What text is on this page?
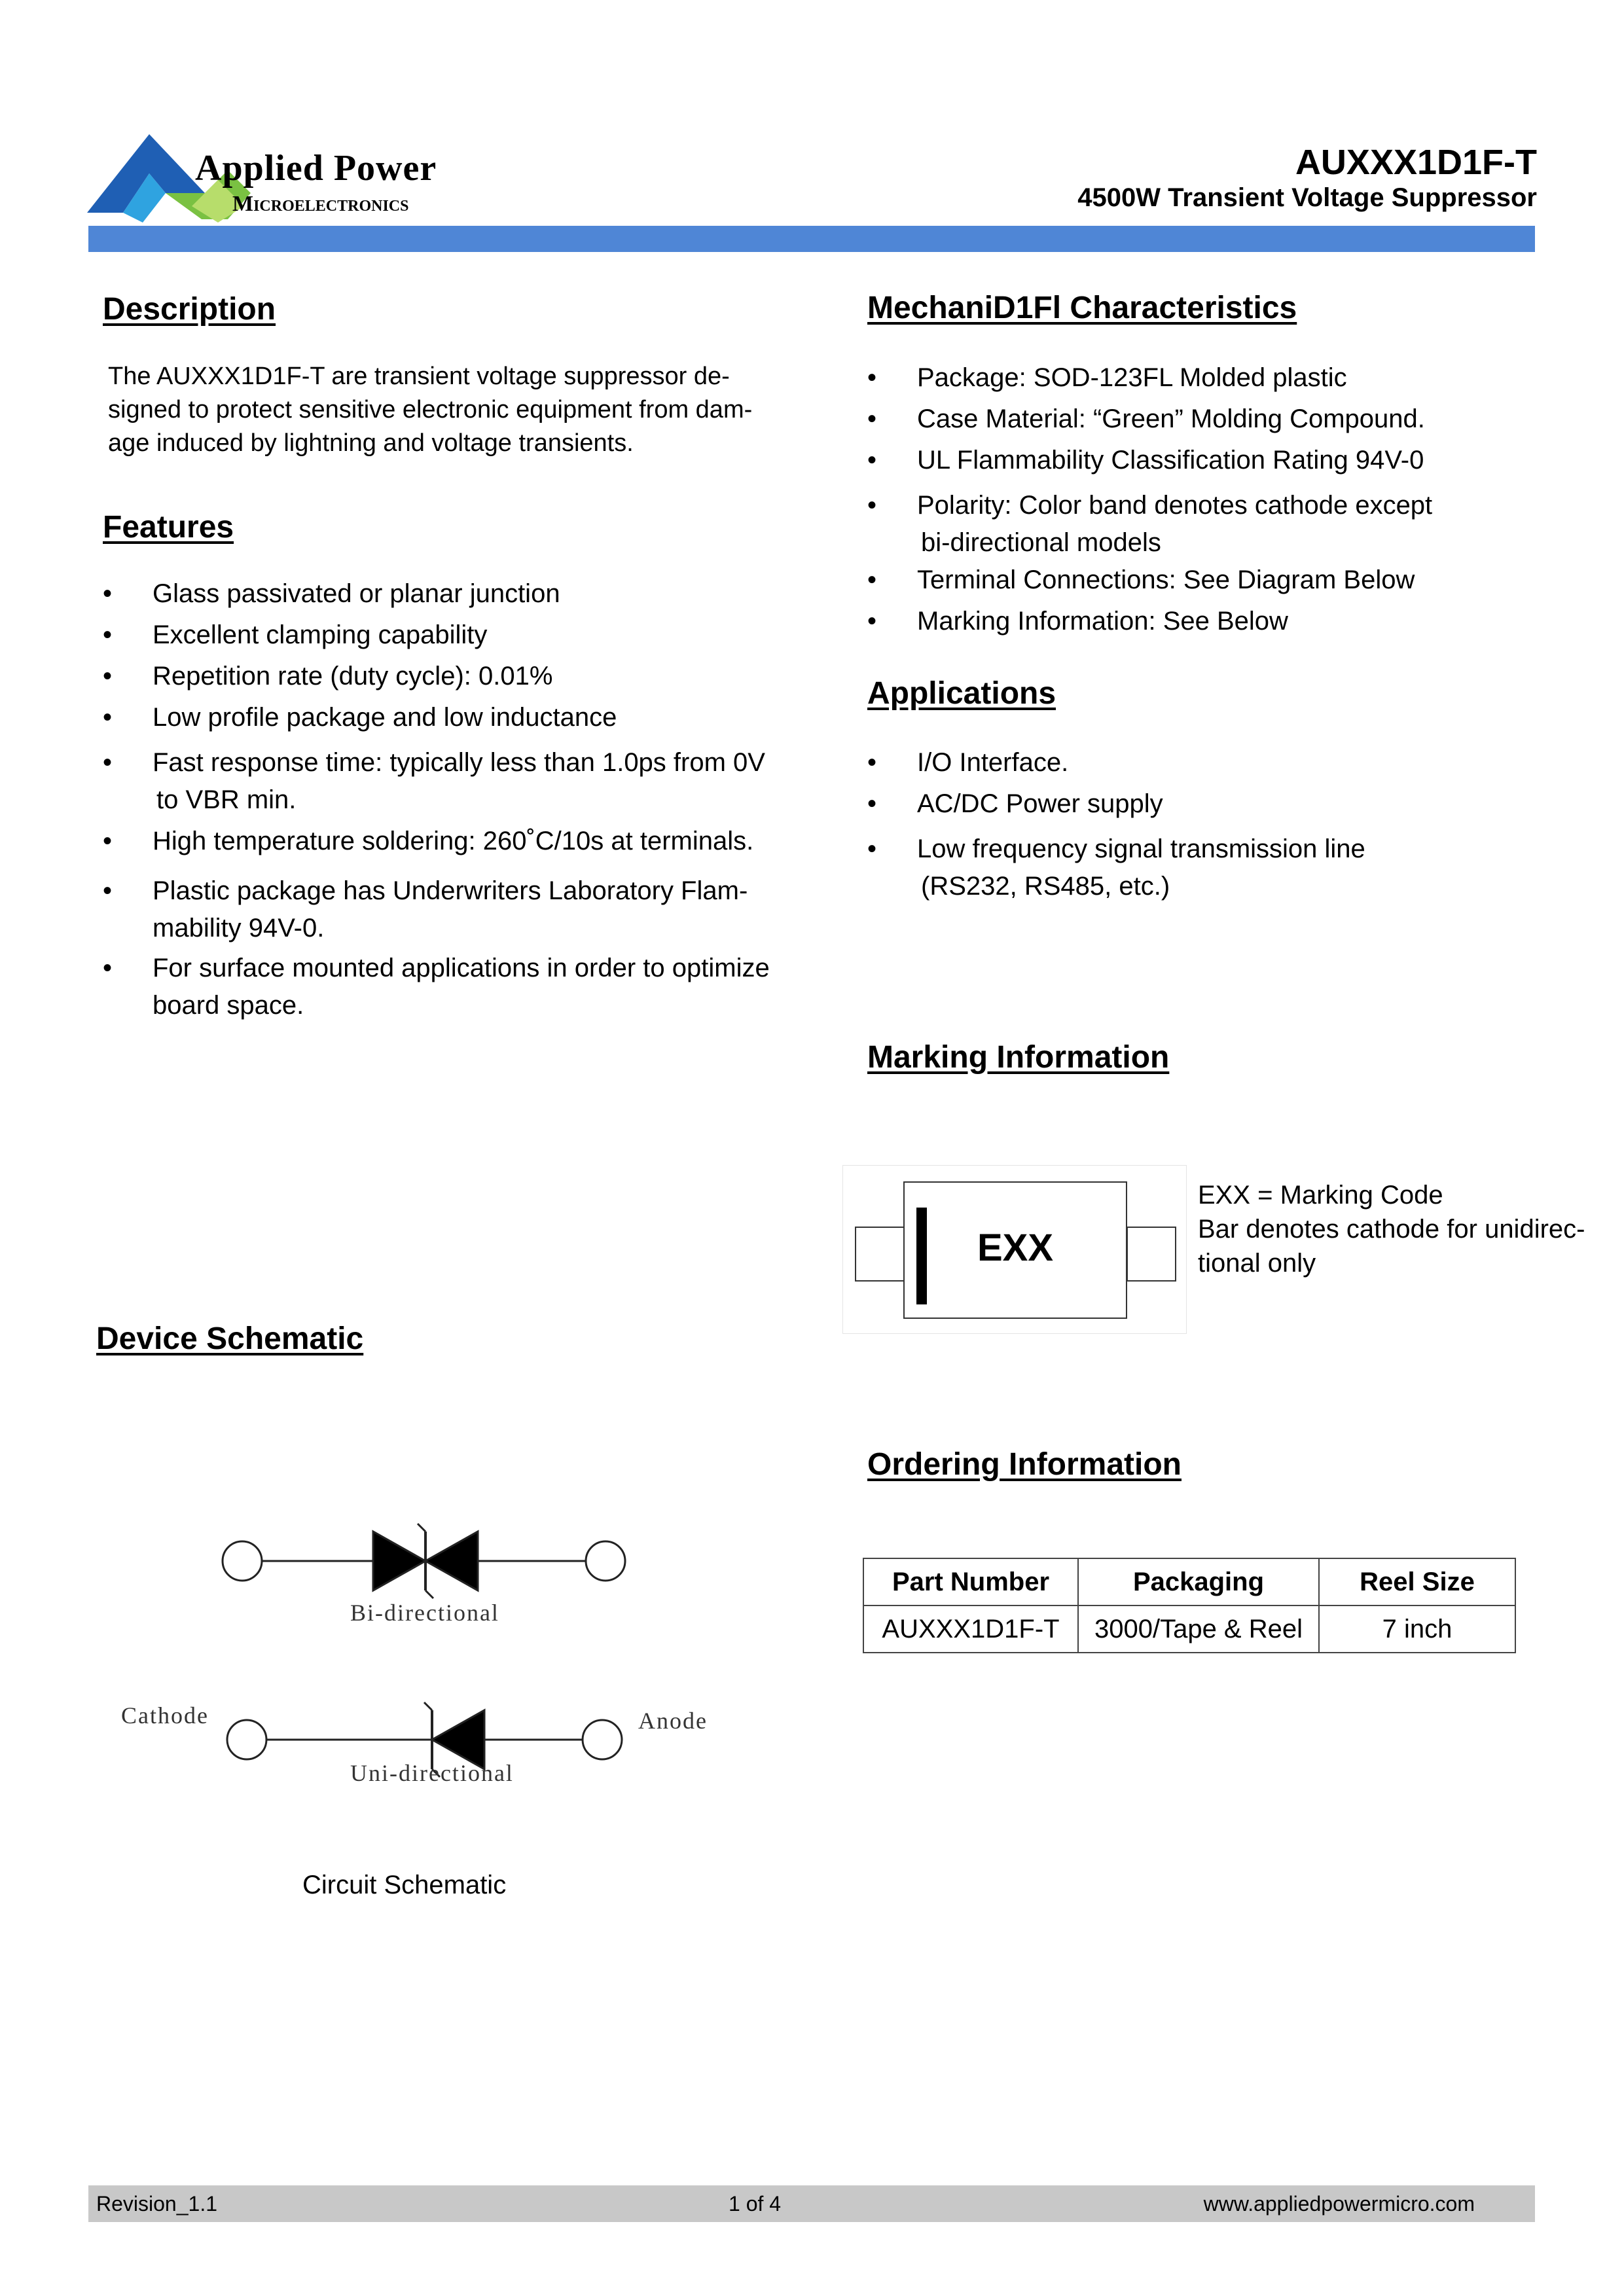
Applied Power
Microelectronics
AUXXX1D1F-T
4500W Transient Voltage Suppressor
Description
The AUXXX1D1F-T are transient voltage suppressor de-
signed to protect sensitive electronic equipment from dam-
age induced by lightning and voltage transients.
Features
• Glass passivated or planar junction
• Excellent clamping capability
• Repetition rate (duty cycle): 0.01%
• Low profile package and low inductance
• Fast response time: typically less than 1.0ps from 0V
to VBR min.
• High temperature soldering: 260˚C/10s at terminals.
• Plastic package has Underwriters Laboratory Flam-
mability 94V-0.
• For surface mounted applications in order to optimize
board space.
MechaniD1Fl Characteristics
• Package: SOD-123FL Molded plastic
• Case Material: “Green” Molding Compound.
• UL Flammability Classification Rating 94V-0
• Polarity: Color band denotes cathode except
bi-directional models
• Terminal Connections: See Diagram Below
• Marking Information: See Below
Applications
• I/O Interface.
• AC/DC Power supply
• Low frequency signal transmission line
(RS232, RS485, etc.)
Marking Information
EXX
EXX = Marking Code
Bar denotes cathode for unidirec-
tional only
Device Schematic
Bi-directional
Cathode	Anode
Uni-directional
Circuit Schematic
Ordering Information
Part Number	Packaging	Reel Size
AUXXX1D1F-T	3000/Tape & Reel	7 inch
Revision_1.1	1 of 4	www.appliedpowermicro.com
